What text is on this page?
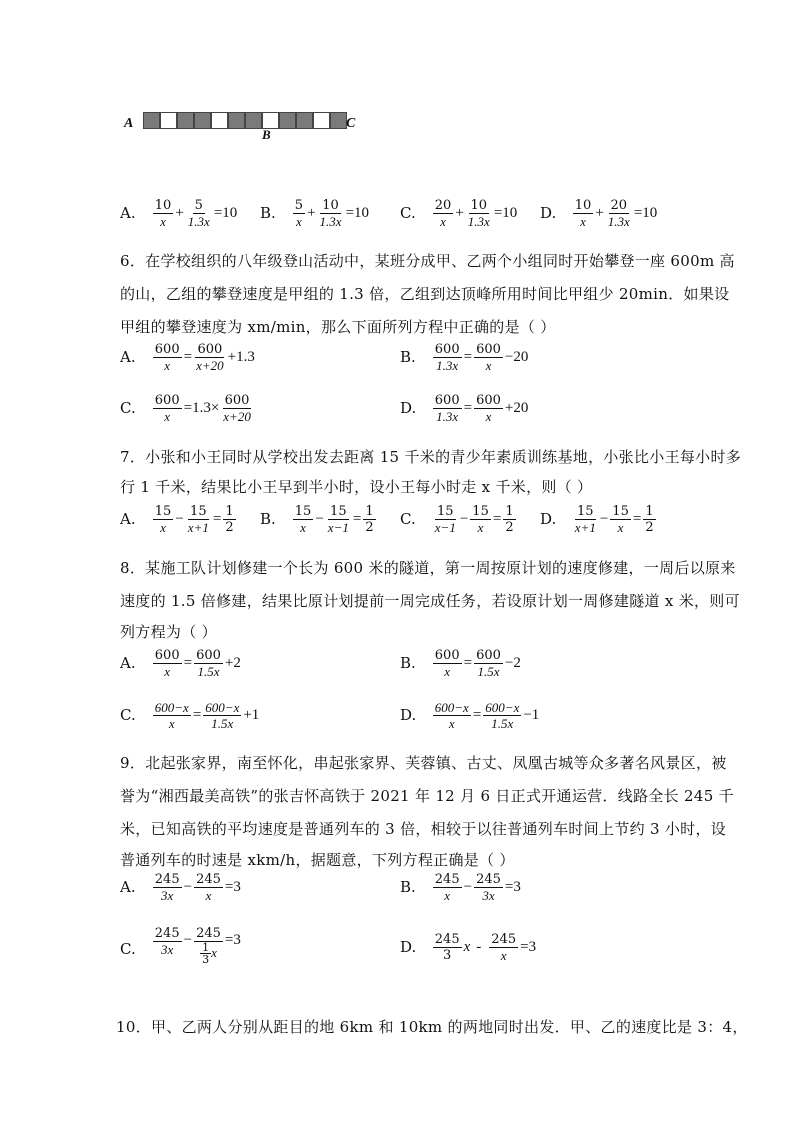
A
B
C
A. $\frac{10}{x} + \frac{5}{1.3x} =10$ B. $\frac{5}{x} + \frac{10}{1.3x} =10$ C. $\frac{20}{x} + \frac{10}{1.3x} =10$ D. $\frac{10}{x} + \frac{20}{1.3x} =10$
6．在学校组织的八年级登山活动中，某班分成甲、乙两个小组同时开始攀登一座 600m 高
的山，乙组的攀登速度是甲组的 1.3 倍，乙组到达顶峰所用时间比甲组少 20min．如果设
甲组的攀登速度为 xm/min，那么下面所列方程中正确的是（ ）
A. $\frac{600}{x} = \frac{600}{x+20} +1.3$	B. $\frac{600}{1.3x} = \frac{600}{x} -20$
C. $\frac{600}{x} =1.3\times \frac{600}{x+20}$	D. $\frac{600}{1.3x} = \frac{600}{x} +20$
7．小张和小王同时从学校出发去距离 15 千米的青少年素质训练基地，小张比小王每小时多
行 1 千米，结果比小王早到半小时，设小王每小时走 x 千米，则（ ）
A. $\frac{15}{x} - \frac{15}{x+1} = \frac{1}{2} B$. $\frac{15}{x} - \frac{15}{x-1} = \frac{1}{2} C$. $\frac{15}{x-1} - \frac{15}{x} = \frac{1}{2} D$. $\frac{15}{x+1} - \frac{15}{x} = \frac{1}{2}$
8．某施工队计划修建一个长为 600 米的隧道，第一周按原计划的速度修建，一周后以原来
速度的 1.5 倍修建，结果比原计划提前一周完成任务，若设原计划一周修建隧道 x 米，则可
列方程为（ ）
A. $\frac{600}{x} = \frac{600}{1.5x} +2$	B. $\frac{600}{x} = \frac{600}{1.5x} -2$
C. $\frac{600-x}{x} = \frac{600-x}{1.5x} +1$	D. $\frac{600-x}{x} = \frac{600-x}{1.5x} -1$
9．北起张家界，南至怀化，串起张家界、芙蓉镇、古丈、凤凰古城等众多著名风景区，被
誉为“湘西最美高铁”的张吉怀高铁于 2021 年 12 月 6 日正式开通运营．线路全长 245 千
米，已知高铁的平均速度是普通列车的 3 倍，相较于以往普通列车时间上节约 3 小时，设
普通列车的时速是 xkm/h，据题意，下列方程正确是（ ）
A. $\frac{245}{3x} - \frac{245}{x} =3$	B. $\frac{245}{x} - \frac{245}{3x} =3$
C. $\frac{245}{3x} - \frac{245}{\frac{1}{3} x} =3$	D. $\frac{245}{3}$ $x - \frac{245}{x} =3$
10．甲、乙两人分别从距目的地 6km 和 10km 的两地同时出发．甲、乙的速度比是 3：4，
